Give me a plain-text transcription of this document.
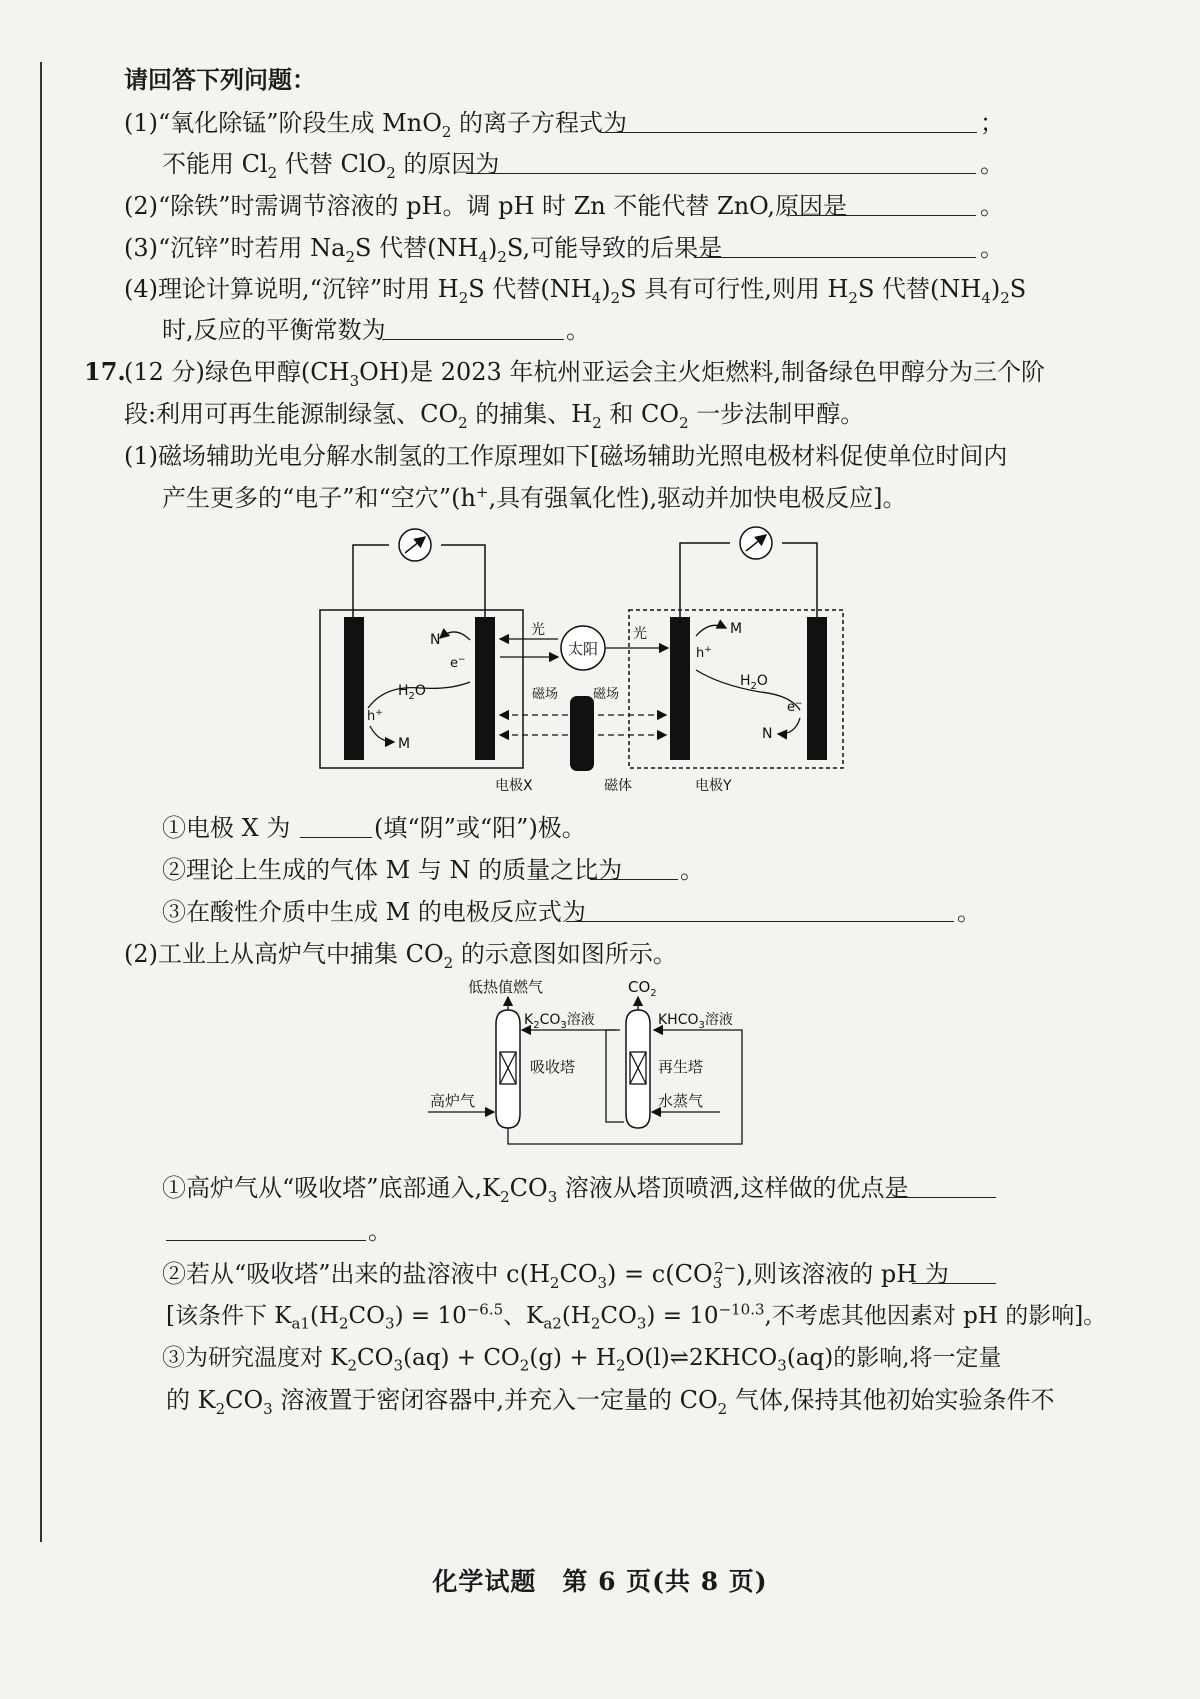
请回答下列问题：
(1)“氧化除锰”阶段生成 MnO$_2$ 的离子方程式为	；
不能用 $Cl_2$ 代替 ClO$_2$ 的原因为	。
(2)“除铁”时需调节溶液的 pH。调 pH 时 Zn 不能代替 ZnO,原因是	。
(3)“沉锌”时若用 $Na_2S$ 代替$(NH_4)_2S$,可能导致的后果是	。
(4)理论计算说明,“沉锌”时用 $H_2S$ 代替$(NH_4)_2S$ 具有可行性,则用 $H_2S$ 代替$(NH_4)_2S$
时,反应的平衡常数为	。
17.
(12 分)绿色甲醇$(CH_3OH)$是 2023 年杭州亚运会主火炬燃料,制备绿色甲醇分为三个阶
段:利用可再生能源制绿氢、$CO_2$ 的捕集、$H_2$ 和 $CO_2$ 一步法制甲醇。
(1)磁场辅助光电分解水制氢的工作原理如下[磁场辅助光照电极材料促使单位时间内
产生更多的“电子”和“空穴”(h+,具有强氧化性),驱动并加快电极反应]。
N
e−
$H_2O$
h+
M
光
太阳
光
磁场	磁场
M
h+
$H_2O$
e−
N
电极X	磁体	电极Y
①电极 X 为	(填“阴”或“阳”)极。
②理论上生成的气体 M 与 N 的质量之比为 。
③在酸性介质中生成 M 的电极反应式为	。
(2)工业上从高炉气中捕集 $CO_2$ 的示意图如图所示。
低热值燃气	$CO_2$
吸收塔	再生塔
$K_2CO_3$溶液	$KHCO_3$溶液
高炉气	水蒸气
①高炉气从“吸收塔”底部通入$,K_2CO_3$ 溶液从塔顶喷洒,这样做的优点是
。
②若从“吸收塔”出来的盐溶液中 $c(H_2CO_3) = c(CO_3^{2-})$,则该溶液的 pH 为
[该条件下 $K_{a1}(H_2CO_3) = 10^{-6.5}$、$K_{a2}(H_2CO_3) = 10^{-10.3}$,不考虑其他因素对 pH 的影响]。
③为研究温度对 $K_2CO_3(aq) + CO_2(g)$ + $H_2O(l)\rightleftharpoons 2KHCO_3(aq)$的影响,将一定量
的 $K_2CO_3$ 溶液置于密闭容器中,并充入一定量的 $CO_2$ 气体,保持其他初始实验条件不
化学试题　第 6 页(共 8 页)
